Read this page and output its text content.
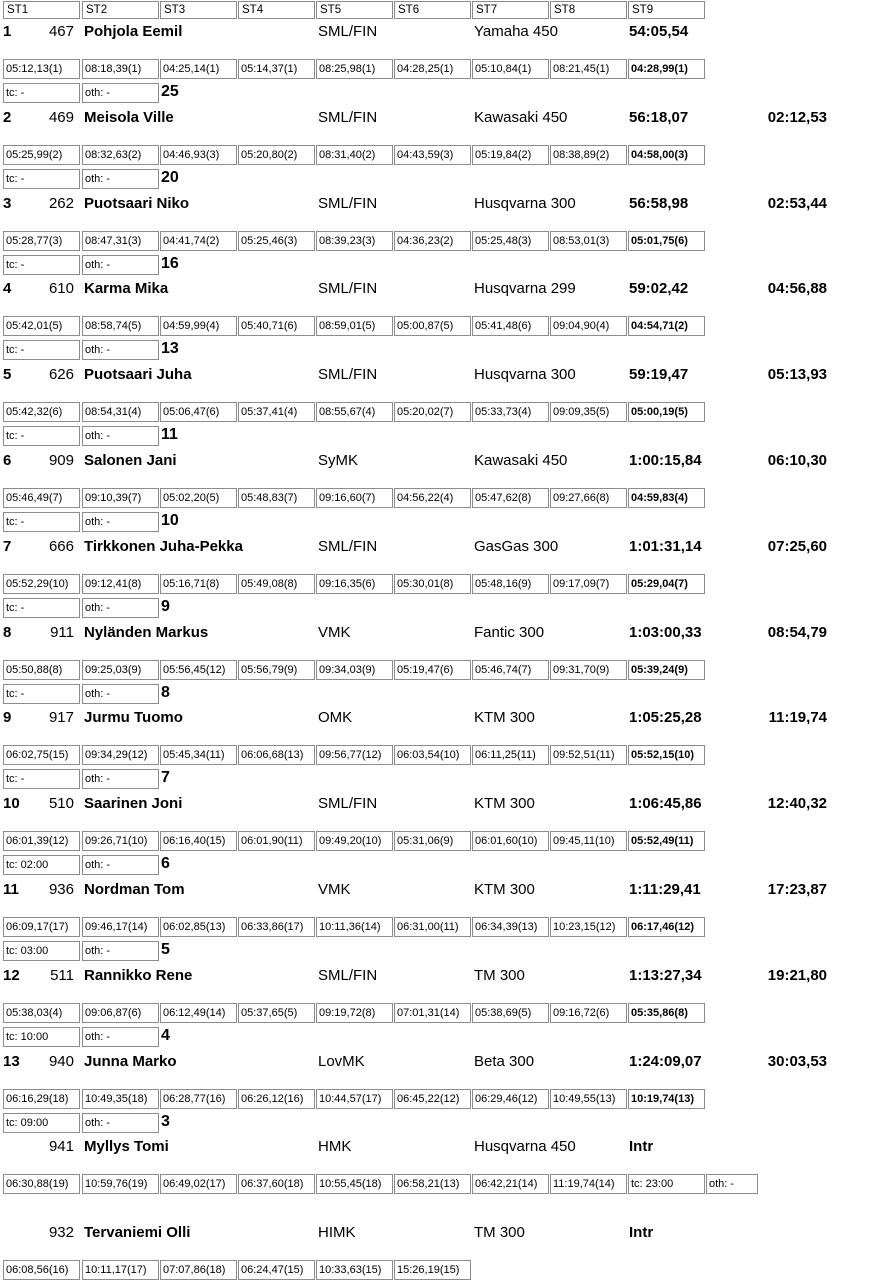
ST1	ST2	ST3	ST4	ST5	ST6	ST7	ST8	ST9
1	467 Pohjola Eemil	SML/FIN	Yamaha 450	54:05,54
05:12,13(1)	08:18,39(1)	04:25,14(1)	05:14,37(1)	08:25,98(1)	04:28,25(1)	05:10,84(1)	08:21,45(1)	04:28,99(1)
tc: -	oth: -	25
2	469 Meisola Ville	SML/FIN	Kawasaki 450	56:18,07	02:12,53
05:25,99(2)	08:32,63(2)	04:46,93(3)	05:20,80(2)	08:31,40(2)	04:43,59(3)	05:19,84(2)	08:38,89(2)	04:58,00(3)
tc: -	oth: -	20
3	262 Puotsaari Niko	SML/FIN	Husqvarna 300	56:58,98	02:53,44
05:28,77(3)	08:47,31(3)	04:41,74(2)	05:25,46(3)	08:39,23(3)	04:36,23(2)	05:25,48(3)	08:53,01(3)	05:01,75(6)
tc: -	oth: -	16
4	610 Karma Mika	SML/FIN	Husqvarna 299	59:02,42	04:56,88
05:42,01(5)	08:58,74(5)	04:59,99(4)	05:40,71(6)	08:59,01(5)	05:00,87(5)	05:41,48(6)	09:04,90(4)	04:54,71(2)
tc: -	oth: -	13
5	626 Puotsaari Juha	SML/FIN	Husqvarna 300	59:19,47	05:13,93
05:42,32(6)	08:54,31(4)	05:06,47(6)	05:37,41(4)	08:55,67(4)	05:20,02(7)	05:33,73(4)	09:09,35(5)	05:00,19(5)
tc: -	oth: -	11
6	909 Salonen Jani	SyMK	Kawasaki 450	1:00:15,84	06:10,30
05:46,49(7)	09:10,39(7)	05:02,20(5)	05:48,83(7)	09:16,60(7)	04:56,22(4)	05:47,62(8)	09:27,66(8)	04:59,83(4)
tc: -	oth: -	10
7	666 Tirkkonen Juha-Pekka	SML/FIN	GasGas 300	1:01:31,14	07:25,60
05:52,29(10)	09:12,41(8)	05:16,71(8)	05:49,08(8)	09:16,35(6)	05:30,01(8)	05:48,16(9)	09:17,09(7)	05:29,04(7)
tc: -	oth: -	9
8	911 Nyländen Markus	VMK	Fantic 300	1:03:00,33	08:54,79
05:50,88(8)	09:25,03(9)	05:56,45(12)	05:56,79(9)	09:34,03(9)	05:19,47(6)	05:46,74(7)	09:31,70(9)	05:39,24(9)
tc: -	oth: -	8
9	917 Jurmu Tuomo	OMK	KTM 300	1:05:25,28	11:19,74
06:02,75(15)	09:34,29(12)	05:45,34(11)	06:06,68(13)	09:56,77(12)	06:03,54(10)	06:11,25(11)	09:52,51(11)	05:52,15(10)
tc: -	oth: -	7
10	510 Saarinen Joni	SML/FIN	KTM 300	1:06:45,86	12:40,32
06:01,39(12)	09:26,71(10)	06:16,40(15)	06:01,90(11)	09:49,20(10)	05:31,06(9)	06:01,60(10)	09:45,11(10)	05:52,49(11)
tc: 02:00	oth: -	6
11	936 Nordman Tom	VMK	KTM 300	1:11:29,41	17:23,87
06:09,17(17)	09:46,17(14)	06:02,85(13)	06:33,86(17)	10:11,36(14)	06:31,00(11)	06:34,39(13)	10:23,15(12)	06:17,46(12)
tc: 03:00	oth: -	5
12	511 Rannikko Rene	SML/FIN	TM 300	1:13:27,34	19:21,80
05:38,03(4)	09:06,87(6)	06:12,49(14)	05:37,65(5)	09:19,72(8)	07:01,31(14)	05:38,69(5)	09:16,72(6)	05:35,86(8)
tc: 10:00	oth: -	4
13	940 Junna Marko	LovMK	Beta 300	1:24:09,07	30:03,53
06:16,29(18)	10:49,35(18)	06:28,77(16)	06:26,12(16)	10:44,57(17)	06:45,22(12)	06:29,46(12)	10:49,55(13)	10:19,74(13)
tc: 09:00	oth: -	3
941 Myllys Tomi	HMK	Husqvarna 450	Intr
06:30,88(19)	10:59,76(19)	06:49,02(17)	06:37,60(18)	10:55,45(18)	06:58,21(13)	06:42,21(14)	11:19,74(14)	tc: 23:00	oth: -
932 Tervaniemi Olli	HIMK	TM 300	Intr
06:08,56(16)	10:11,17(17)	07:07,86(18)	06:24,47(15)	10:33,63(15)	15:26,19(15)
